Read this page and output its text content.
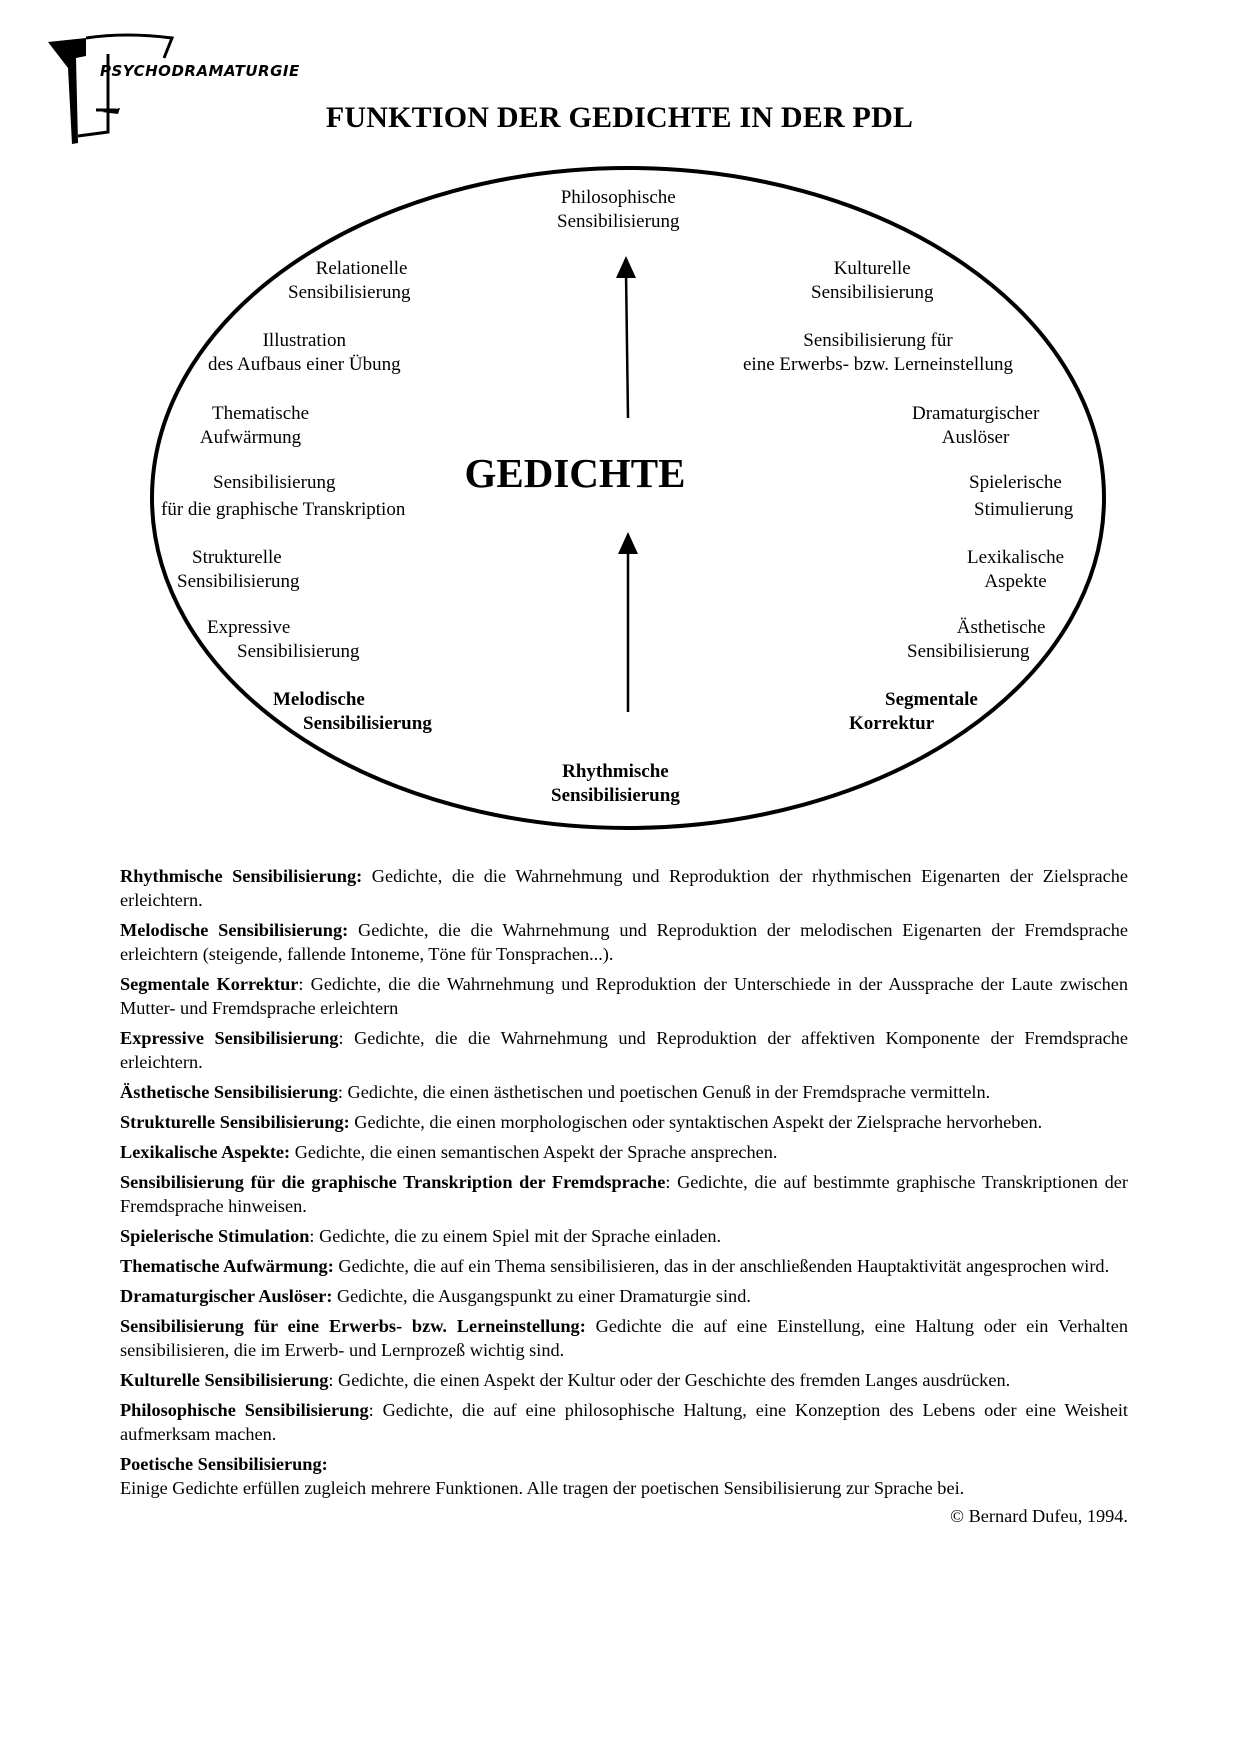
PSYCHODRAMATURGIE
FUNKTION DER GEDICHTE IN DER PDL
Philosophische
Sensibilisierung
Relationelle
Sensibilisierung
Kulturelle
Sensibilisierung
Illustration
des Aufbaus einer Übung
Sensibilisierung für
eine Erwerbs- bzw. Lerneinstellung
Thematische
Aufwärmung
Dramaturgischer
Auslöser
Sensibilisierung
für die graphische Transkription
GEDICHTE	Spielerische
Stimulierung
Strukturelle
Sensibilisierung
Lexikalische
Aspekte
Expressive
Sensibilisierung
Ästhetische
Sensibilisierung
Melodische
Sensibilisierung
Segmentale
Korrektur
Rhythmische
Sensibilisierung

Rhythmische Sensibilisierung: Gedichte, die die Wahrnehmung und Reproduktion der rhythmischen Eigenarten der Zielsprache erleichtern.

Melodische Sensibilisierung: Gedichte, die die Wahrnehmung und Reproduktion der melodischen Eigenarten der Fremdsprache erleichtern (steigende, fallende Intoneme, Töne für Tonsprachen...).

Segmentale Korrektur: Gedichte, die die Wahrnehmung und Reproduktion der Unterschiede in der Aussprache der Laute zwischen Mutter- und Fremdsprache erleichtern

Expressive Sensibilisierung: Gedichte, die die Wahrnehmung und Reproduktion der affektiven Komponente der Fremdsprache erleichtern.

Ästhetische Sensibilisierung: Gedichte, die einen ästhetischen und poetischen Genuß in der Fremdsprache vermitteln.

Strukturelle Sensibilisierung: Gedichte, die einen morphologischen oder syntaktischen Aspekt der Zielsprache hervorheben.

Lexikalische Aspekte: Gedichte, die einen semantischen Aspekt der Sprache ansprechen.

Sensibilisierung für die graphische Transkription der Fremdsprache: Gedichte, die auf bestimmte graphische Transkriptionen der Fremdsprache hinweisen.

Spielerische Stimulation: Gedichte, die zu einem Spiel mit der Sprache einladen.

Thematische Aufwärmung: Gedichte, die auf ein Thema sensibilisieren, das in der anschließenden Hauptaktivität angesprochen wird.

Dramaturgischer Auslöser: Gedichte, die Ausgangspunkt zu einer Dramaturgie sind.

Sensibilisierung für eine Erwerbs- bzw. Lerneinstellung: Gedichte die auf eine Einstellung, eine Haltung oder ein Verhalten sensibilisieren, die im Erwerb- und Lernprozeß wichtig sind.

Kulturelle Sensibilisierung: Gedichte, die einen Aspekt der Kultur oder der Geschichte des fremden Langes ausdrücken.

Philosophische Sensibilisierung: Gedichte, die auf eine philosophische Haltung, eine Konzeption des Lebens oder eine Weisheit aufmerksam machen.

Poetische Sensibilisierung:
Einige Gedichte erfüllen zugleich mehrere Funktionen. Alle tragen der poetischen Sensibilisierung zur Sprache bei.

© Bernard Dufeu, 1994.
